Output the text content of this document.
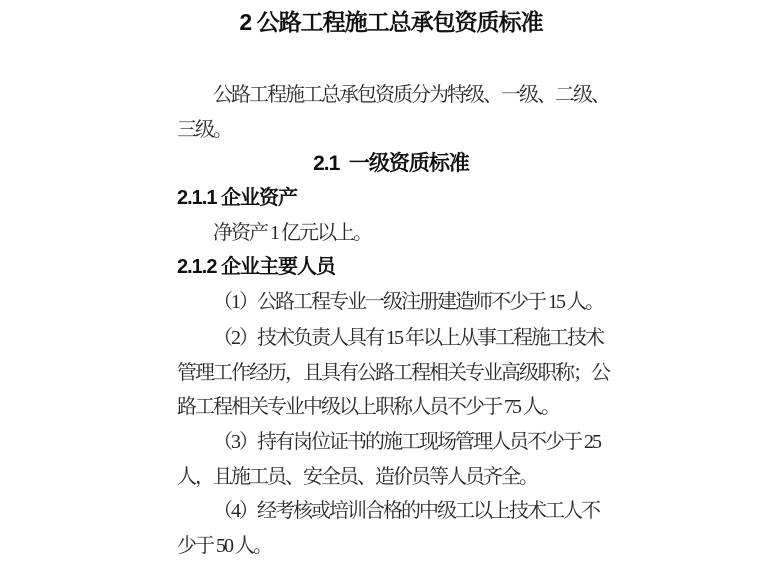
2 公路工程施工总承包资质标准
公路工程施工总承包资质分为特级、一级、二级、
三级。
2.1  一级资质标准
2.1.1 企业资产
净资产 1 亿元以上。
2.1.2 企业主要人员
（1）公路工程专业一级注册建造师不少于 15 人。
（2）技术负责人具有 15 年以上从事工程施工技术
管理工作经历，且具有公路工程相关专业高级职称；公
路工程相关专业中级以上职称人员不少于 75 人。
（3）持有岗位证书的施工现场管理人员不少于 25
人，且施工员、安全员、造价员等人员齐全。
（4）经考核或培训合格的中级工以上技术工人不
少于 50 人。
